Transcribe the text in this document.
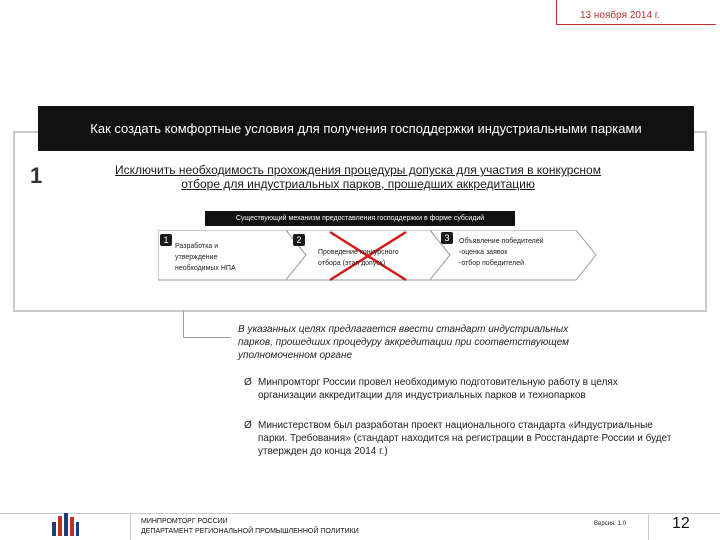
13 ноября 2014 г.
Как создать комфортные условия для получения господдержки индустриальными парками
1	Исключить необходимость прохождения процедуры допуска для участия в конкурсном
отборе для индустриальных парков, прошедших аккредитацию
Существующий механизм предоставления господдержки в форме субсидий
1
Разработка и
утверждение
необходимых НПА
2
Проведение конкурсного
отбора (этап допуск)
3	Объявление победителей
-оценка заявок
-отбор победителей
В указанных целях предлагается ввести стандарт индустриальных
парков, прошедших процедуру аккредитации при соответствующем
уполномоченном органе
Ø Минпромторг России провел необходимую подготовительную работу в целях
организации аккредитации для индустриальных парков и технопарков
Ø Министерством был разработан проект национального стандарта «Индустриальные
парки. Требования» (стандарт находится на регистрации в Росстандарте России и будет
утвержден до конца 2014 г.)
МИНПРОМТОРГ РОССИИ
ДЕПАРТАМЕНТ РЕГИОНАЛЬНОЙ ПРОМЫШЛЕННОЙ ПОЛИТИКИ
Версия: 1.0	12
